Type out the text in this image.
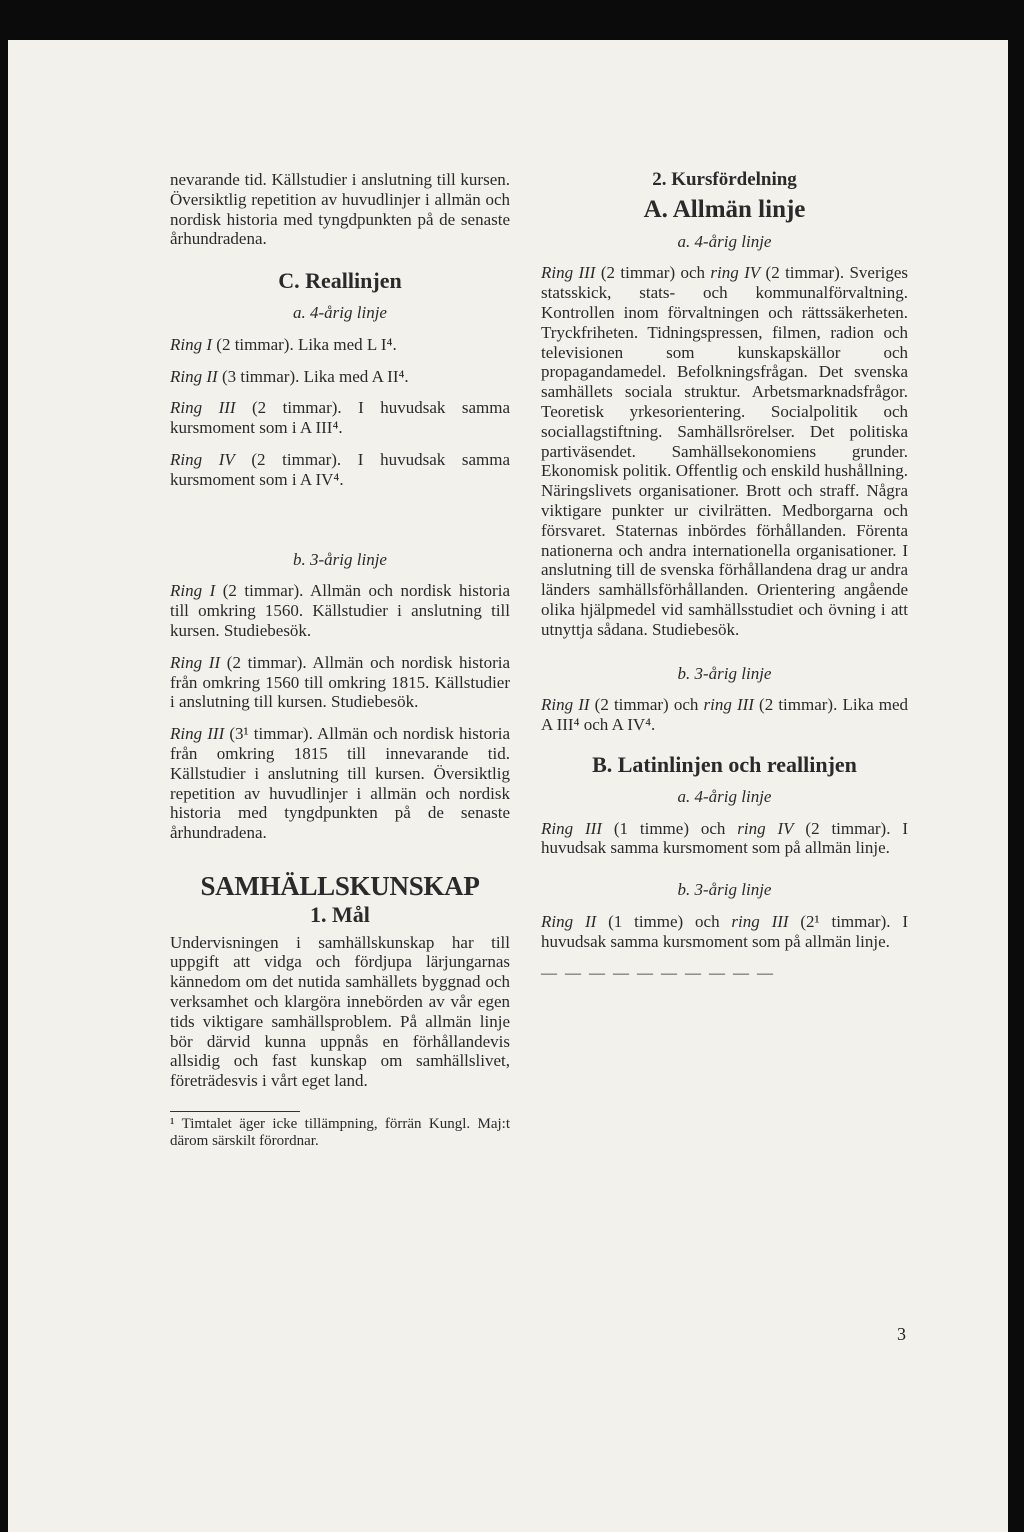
nevarande tid. Källstudier i anslutning till kursen. Översiktlig repetition av huvudlinjer i allmän och nordisk historia med tyngdpunkten på de senaste århundradena.

C. Reallinjen
a. 4-årig linje

Ring I (2 timmar). Lika med L I⁴.

Ring II (3 timmar). Lika med A II⁴.

Ring III (2 timmar). I huvudsak samma kursmoment som i A III⁴.

Ring IV (2 timmar). I huvudsak samma kursmoment som i A IV⁴.

b. 3-årig linje

Ring I (2 timmar). Allmän och nordisk historia till omkring 1560. Källstudier i anslutning till kursen. Studiebesök.

Ring II (2 timmar). Allmän och nordisk historia från omkring 1560 till omkring 1815. Källstudier i anslutning till kursen. Studiebesök.

Ring III (3¹ timmar). Allmän och nordisk historia från omkring 1815 till innevarande tid. Källstudier i anslutning till kursen. Översiktlig repetition av huvudlinjer i allmän och nordisk historia med tyngdpunkten på de senaste århundradena.

SAMHÄLLSKUNSKAP
1. Mål

Undervisningen i samhällskunskap har till uppgift att vidga och fördjupa lärjungarnas kännedom om det nutida samhällets byggnad och verksamhet och klargöra innebörden av vår egen tids viktigare samhällsproblem. På allmän linje bör därvid kunna uppnås en förhållandevis allsidig och fast kunskap om samhällslivet, företrädesvis i vårt eget land.

¹ Timtalet äger icke tillämpning, förrän Kungl. Maj:t därom särskilt förordnar.

2. Kursfördelning
A. Allmän linje
a. 4-årig linje

Ring III (2 timmar) och ring IV (2 timmar). Sveriges statsskick, stats- och kommunalförvaltning. Kontrollen inom förvaltningen och rättssäkerheten. Tryckfriheten. Tidningspressen, filmen, radion och televisionen som kunskapskällor och propagandamedel. Befolkningsfrågan. Det svenska samhällets sociala struktur. Arbetsmarknadsfrågor. Teoretisk yrkesorientering. Socialpolitik och sociallagstiftning. Samhällsrörelser. Det politiska partiväsendet. Samhällsekonomiens grunder. Ekonomisk politik. Offentlig och enskild hushållning. Näringslivets organisationer. Brott och straff. Några viktigare punkter ur civilrätten. Medborgarna och försvaret. Staternas inbördes förhållanden. Förenta nationerna och andra internationella organisationer. I anslutning till de svenska förhållandena drag ur andra länders samhällsförhållanden. Orientering angående olika hjälpmedel vid samhällsstudiet och övning i att utnyttja sådana. Studiebesök.

b. 3-årig linje

Ring II (2 timmar) och ring III (2 timmar). Lika med A III⁴ och A IV⁴.

B. Latinlinjen och reallinjen
a. 4-årig linje

Ring III (1 timme) och ring IV (2 timmar). I huvudsak samma kursmoment som på allmän linje.

b. 3-årig linje

Ring II (1 timme) och ring III (2¹ timmar). I huvudsak samma kursmoment som på allmän linje.

— — — — — — — — — —
3
